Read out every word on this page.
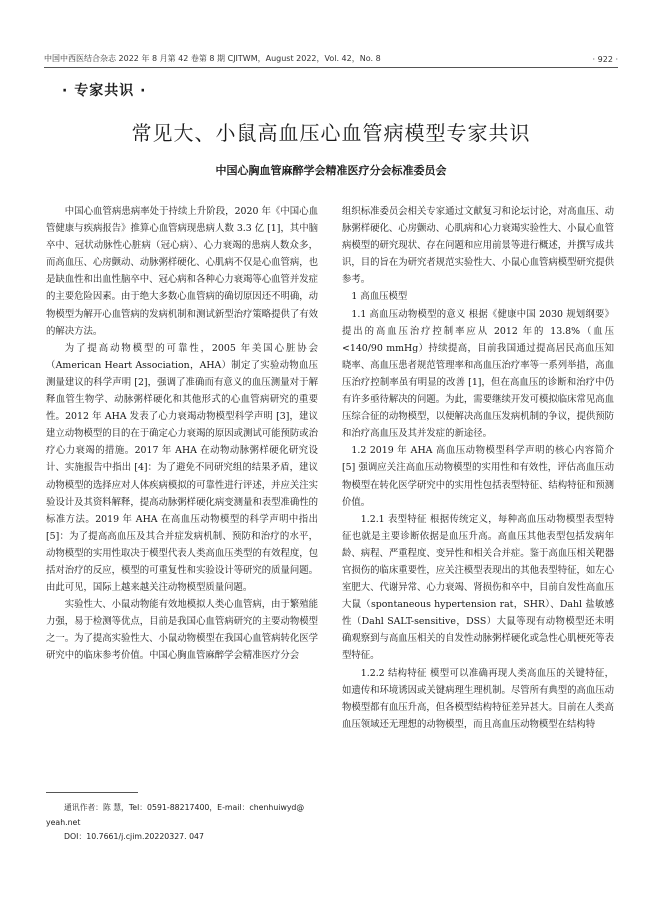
中国中西医结合杂志 2022 年 8 月第 42 卷第 8 期 CJITWM，August 2022，Vol. 42，No. 8	· 922 ·
· 专家共识 ·
常见大、小鼠高血压心血管病模型专家共识
中国心胸血管麻醉学会精准医疗分会标准委员会

中国心血管病患病率处于持续上升阶段，2020 年《中国心血管健康与疾病报告》推算心血管病现患病人数 3.3 亿 [1]，其中脑卒中、冠状动脉性心脏病（冠心病）、心力衰竭的患病人数众多，而高血压、心房颤动、动脉粥样硬化、心肌病不仅是心血管病，也是缺血性和出血性脑卒中、冠心病和各种心力衰竭等心血管并发症的主要危险因素。由于绝大多数心血管病的确切原因还不明确，动物模型为解开心血管病的发病机制和测试新型治疗策略提供了有效的解决方法。

为了提高动物模型的可靠性，2005 年美国心脏协会（American Heart Association，AHA）制定了实验动物血压测量建议的科学声明 [2]，强调了准确而有意义的血压测量对于解释血管生物学、动脉粥样硬化和其他形式的心血管病研究的重要性。2012 年 AHA 发表了心力衰竭动物模型科学声明 [3]，建议建立动物模型的目的在于确定心力衰竭的原因或测试可能预防或治疗心力衰竭的措施。2017 年 AHA 在动物动脉粥样硬化研究设计、实施报告中指出 [4]：为了避免不同研究组的结果矛盾，建议动物模型的选择应对人体疾病模拟的可靠性进行评述，并应关注实验设计及其资料解释，提高动脉粥样硬化病变测量和表型准确性的标准方法。2019 年 AHA 在高血压动物模型的科学声明中指出 [5]：为了提高高血压及其合并症发病机制、预防和治疗的水平，动物模型的实用性取决于模型代表人类高血压类型的有效程度，包括对治疗的反应，模型的可重复性和实验设计等研究的质量问题。由此可见，国际上越来越关注动物模型质量问题。

实验性大、小鼠动物能有效地模拟人类心血管病，由于繁殖能力强，易于检测等优点，目前是我国心血管病研究的主要动物模型之一。为了提高实验性大、小鼠动物模型在我国心血管病转化医学研究中的临床参考价值。中国心胸血管麻醉学会精准医疗分会

组织标准委员会相关专家通过文献复习和论坛讨论，对高血压、动脉粥样硬化、心房颤动、心肌病和心力衰竭实验性大、小鼠心血管病模型的研究现状、存在问题和应用前景等进行概述，并撰写成共识，目的旨在为研究者规范实验性大、小鼠心血管病模型研究提供参考。

1 高血压模型

1.1 高血压动物模型的意义 根据《健康中国 2030 规划纲要》提出的高血压治疗控制率应从 2012 年的 13.8%（血压 <140/90 mmHg）持续提高，目前我国通过提高居民高血压知晓率、高血压患者规范管理率和高血压治疗率等一系列举措，高血压治疗控制率虽有明显的改善 [1]，但在高血压的诊断和治疗中仍有许多亟待解决的问题。为此，需要继续开发可模拟临床常见高血压综合征的动物模型，以便解决高血压发病机制的争议，提供预防和治疗高血压及其并发症的新途径。

1.2 2019 年 AHA 高血压动物模型科学声明的核心内容简介 [5] 强调应关注高血压动物模型的实用性和有效性，评估高血压动物模型在转化医学研究中的实用性包括表型特征、结构特征和预测价值。

1.2.1 表型特征 根据传统定义，每种高血压动物模型表型特征也就是主要诊断依据是血压升高。高血压其他表型包括发病年龄、病程、严重程度、变异性和相关合并症。鉴于高血压相关靶器官损伤的临床重要性，应关注模型表现出的其他表型特征，如左心室肥大、代谢异常、心力衰竭、肾损伤和卒中，目前自发性高血压大鼠（spontaneous hypertension rat，SHR）、Dahl 盐敏感性（Dahl SALT-sensitive，DSS）大鼠等现有动物模型还未明确观察到与高血压相关的自发性动脉粥样硬化或急性心肌梗死等表型特征。

1.2.2 结构特征 模型可以准确再现人类高血压的关键特征，如遗传和环境诱因或关键病理生理机制。尽管所有典型的高血压动物模型都有血压升高，但各模型结构特征差异甚大。目前在人类高血压领域还无理想的动物模型，而且高血压动物模型在结构特

通讯作者：陈 慧，Tel：0591-88217400，E-mail：chenhuiwyd@
yeah.net
DOI：10.7661/j.cjim.20220327. 047
